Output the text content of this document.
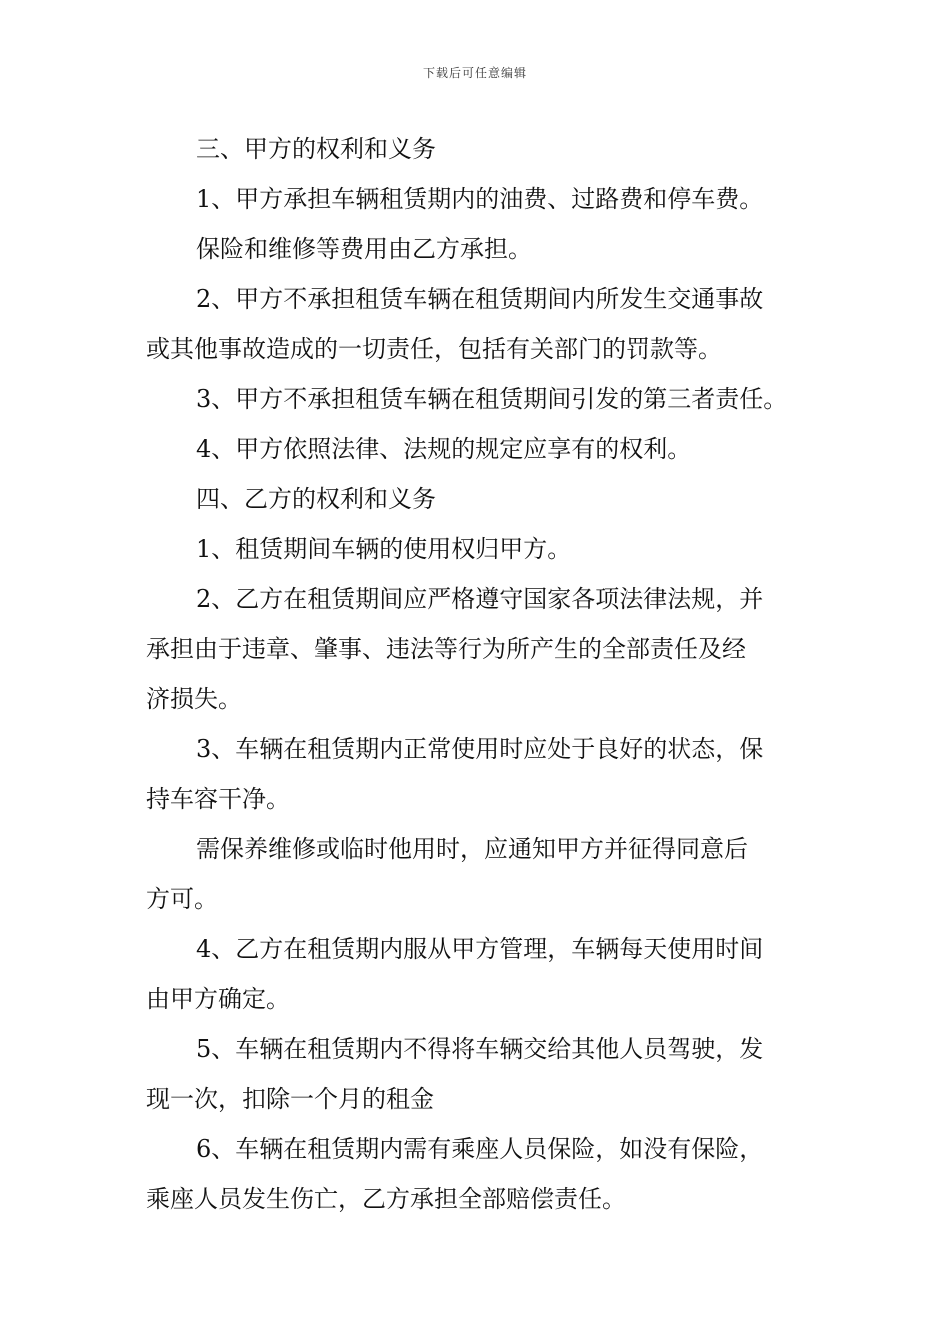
下载后可任意编辑
三、甲方的权利和义务
1、甲方承担车辆租赁期内的油费、过路费和停车费。
保险和维修等费用由乙方承担。
2、甲方不承担租赁车辆在租赁期间内所发生交通事故
或其他事故造成的一切责任，包括有关部门的罚款等。
3、甲方不承担租赁车辆在租赁期间引发的第三者责任。
4、甲方依照法律、法规的规定应享有的权利。
四、乙方的权利和义务
1、租赁期间车辆的使用权归甲方。
2、乙方在租赁期间应严格遵守国家各项法律法规，并
承担由于违章、肇事、违法等行为所产生的全部责任及经
济损失。
3、车辆在租赁期内正常使用时应处于良好的状态，保
持车容干净。
需保养维修或临时他用时，应通知甲方并征得同意后
方可。
4、乙方在租赁期内服从甲方管理，车辆每天使用时间
由甲方确定。
5、车辆在租赁期内不得将车辆交给其他人员驾驶，发
现一次，扣除一个月的租金
6、车辆在租赁期内需有乘座人员保险，如没有保险，
乘座人员发生伤亡，乙方承担全部赔偿责任。
